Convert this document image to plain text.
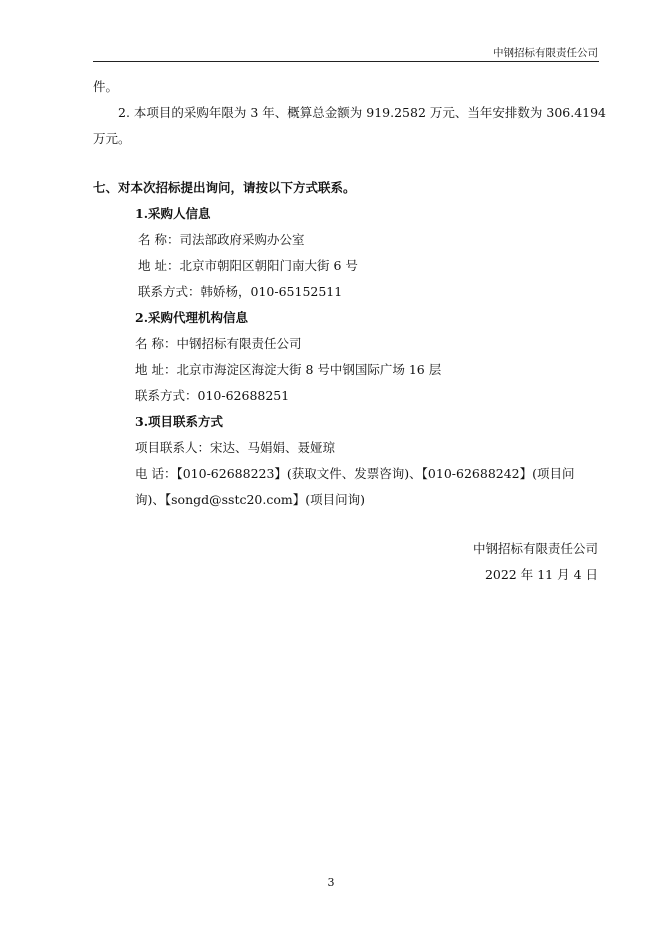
中钢招标有限责任公司
件。
2. 本项目的采购年限为 3 年、概算总金额为 919.2582 万元、当年安排数为 306.4194
万元。
七、对本次招标提出询问，请按以下方式联系。
1.采购人信息
名 称：司法部政府采购办公室
地 址：北京市朝阳区朝阳门南大街 6 号
联系方式：韩娇杨，010-65152511
2.采购代理机构信息
名 称：中钢招标有限责任公司
地 址：北京市海淀区海淀大街 8 号中钢国际广场 16 层
联系方式：010-62688251
3.项目联系方式
项目联系人：宋达、马娟娟、聂娅琼
电 话：【010-62688223】(获取文件、发票咨询)、【010-62688242】(项目问
询)、【songd@sstc20.com】(项目问询)
中钢招标有限责任公司
2022 年 11 月 4 日
3
